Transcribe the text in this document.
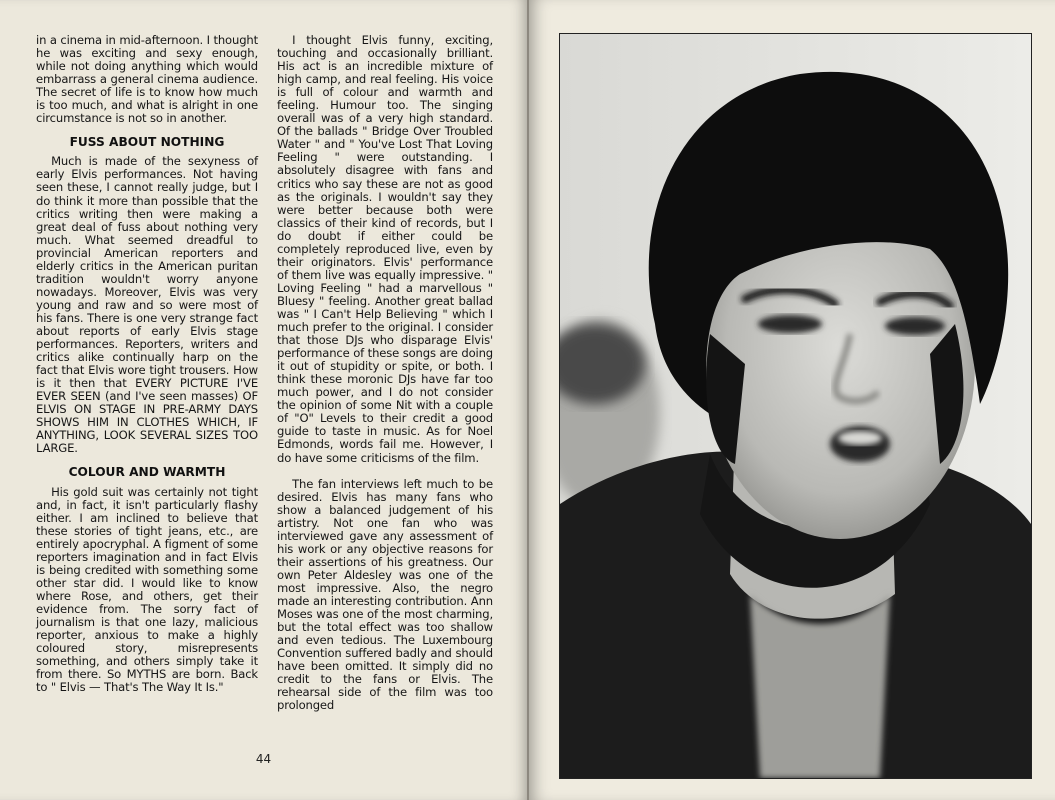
in a cinema in mid-afternoon. I thought he was exciting and sexy enough, while not doing anything which would embarrass a general cinema audience. The secret of life is to know how much is too much, and what is alright in one circumstance is not so in another.

FUSS ABOUT NOTHING

Much is made of the sexyness of early Elvis performances. Not having seen these, I cannot really judge, but I do think it more than possible that the critics writing then were making a great deal of fuss about nothing very much. What seemed dreadful to provincial American reporters and elderly critics in the American puritan tradition wouldn't worry anyone nowadays. Moreover, Elvis was very young and raw and so were most of his fans. There is one very strange fact about reports of early Elvis stage performances. Reporters, writers and critics alike continually harp on the fact that Elvis wore tight trousers. How is it then that EVERY PICTURE I'VE EVER SEEN (and I've seen masses) OF ELVIS ON STAGE IN PRE-ARMY DAYS SHOWS HIM IN CLOTHES WHICH, IF ANYTHING, LOOK SEVERAL SIZES TOO LARGE.

COLOUR AND WARMTH

His gold suit was certainly not tight and, in fact, it isn't particularly flashy either. I am inclined to believe that these stories of tight jeans, etc., are entirely apocryphal. A figment of some reporters imagination and in fact Elvis is being credited with something some other star did. I would like to know where Rose, and others, get their evidence from. The sorry fact of journalism is that one lazy, malicious reporter, anxious to make a highly coloured story, misrepresents something, and others simply take it from there. So MYTHS are born. Back to " Elvis — That's The Way It Is."

I thought Elvis funny, exciting, touching and occasionally brilliant. His act is an incredible mixture of high camp, and real feeling. His voice is full of colour and warmth and feeling. Humour too. The singing overall was of a very high standard. Of the ballads " Bridge Over Troubled Water " and " You've Lost That Loving Feeling " were outstanding. I absolutely disagree with fans and critics who say these are not as good as the originals. I wouldn't say they were better because both were classics of their kind of records, but I do doubt if either could be completely reproduced live, even by their originators. Elvis' performance of them live was equally impressive. " Loving Feeling " had a marvellous " Bluesy " feeling. Another great ballad was " I Can't Help Believing " which I much prefer to the original. I consider that those DJs who disparage Elvis' performance of these songs are doing it out of stupidity or spite, or both. I think these moronic DJs have far too much power, and I do not consider the opinion of some Nit with a couple of "O" Levels to their credit a good guide to taste in music. As for Noel Edmonds, words fail me. However, I do have some criticisms of the film.

The fan interviews left much to be desired. Elvis has many fans who show a balanced judgement of his artistry. Not one fan who was interviewed gave any assessment of his work or any objective reasons for their assertions of his greatness. Our own Peter Aldesley was one of the most impressive. Also, the negro made an interesting contribution. Ann Moses was one of the most charming, but the total effect was too shallow and even tedious. The Luxembourg Convention suffered badly and should have been omitted. It simply did no credit to the fans or Elvis. The rehearsal side of the film was too prolonged

44
